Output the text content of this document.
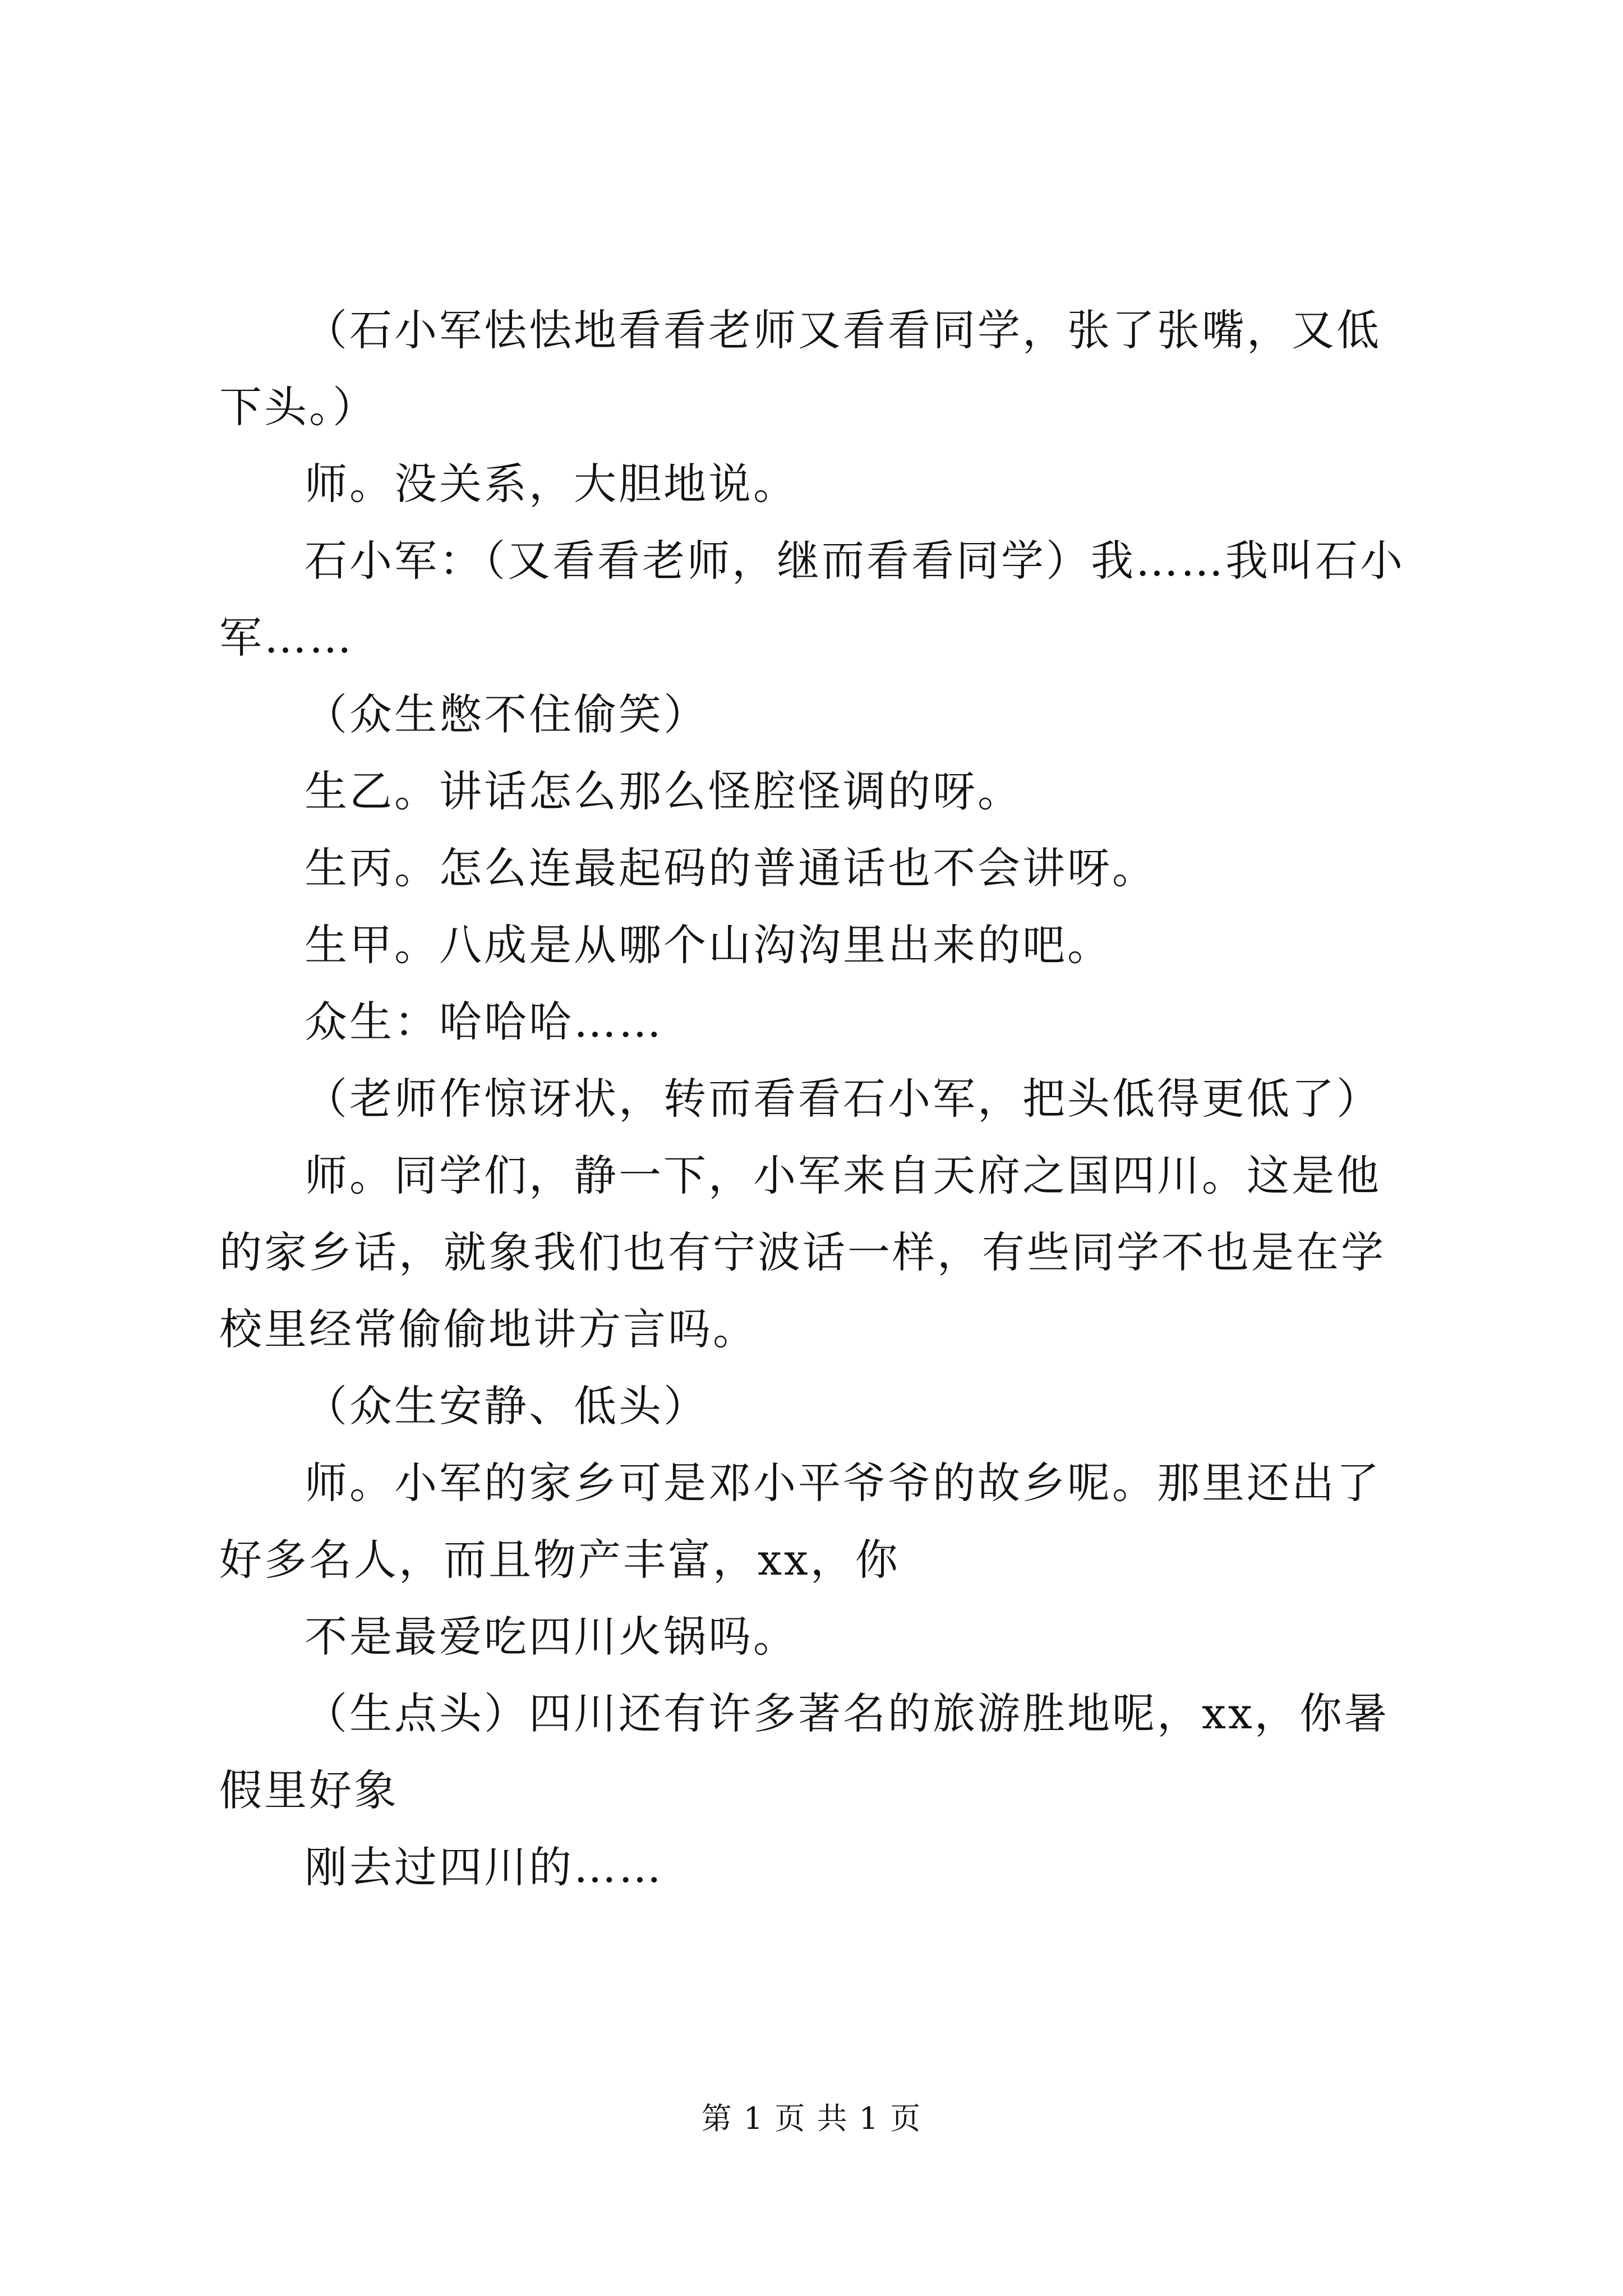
（石小军怯怯地看看老师又看看同学，张了张嘴，又低下头。）

师。没关系，大胆地说。

石小军：（又看看老师，继而看看同学）我……我叫石小军……

（众生憋不住偷笑）

生乙。讲话怎么那么怪腔怪调的呀。

生丙。怎么连最起码的普通话也不会讲呀。

生甲。八成是从哪个山沟沟里出来的吧。

众生：哈哈哈……

（老师作惊讶状，转而看看石小军，把头低得更低了）

师。同学们，静一下，小军来自天府之国四川。这是他的家乡话，就象我们也有宁波话一样，有些同学不也是在学校里经常偷偷地讲方言吗。

（众生安静、低头）

师。小军的家乡可是邓小平爷爷的故乡呢。那里还出了好多名人，而且物产丰富，xx，你

不是最爱吃四川火锅吗。

（生点头）四川还有许多著名的旅游胜地呢，xx，你暑假里好象

刚去过四川的……

第 1 页 共 1 页
